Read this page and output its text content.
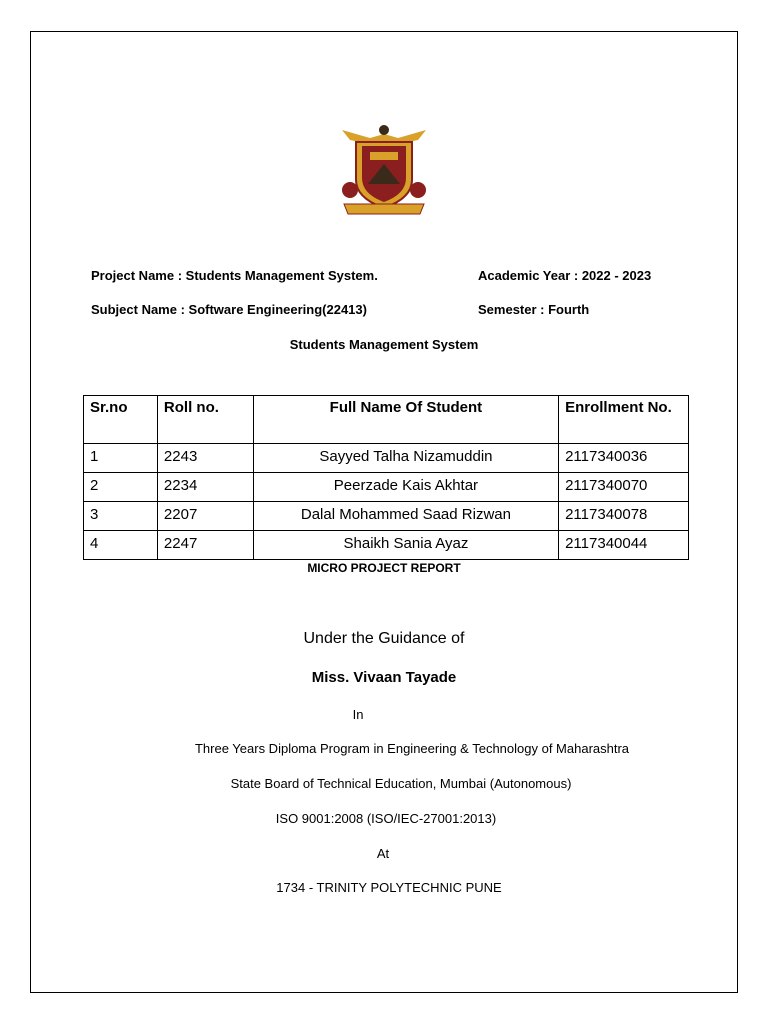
Project Name : Students Management System.	Academic Year : 2022 - 2023
Subject Name : Software Engineering(22413)	Semester : Fourth
Students Management System
Sr.no	Roll no.	Full Name Of Student	Enrollment No.
1	2243	Sayyed Talha Nizamuddin	2117340036
2	2234	Peerzade Kais Akhtar	2117340070
3	2207	Dalal Mohammed Saad Rizwan	2117340078
4	2247	Shaikh Sania Ayaz	2117340044
MICRO PROJECT REPORT
Under the Guidance of
Miss. Vivaan Tayade
In
Three Years Diploma Program in Engineering & Technology of Maharashtra
State Board of Technical Education, Mumbai (Autonomous)
ISO 9001:2008 (ISO/IEC-27001:2013)
At
1734 - TRINITY POLYTECHNIC PUNE
